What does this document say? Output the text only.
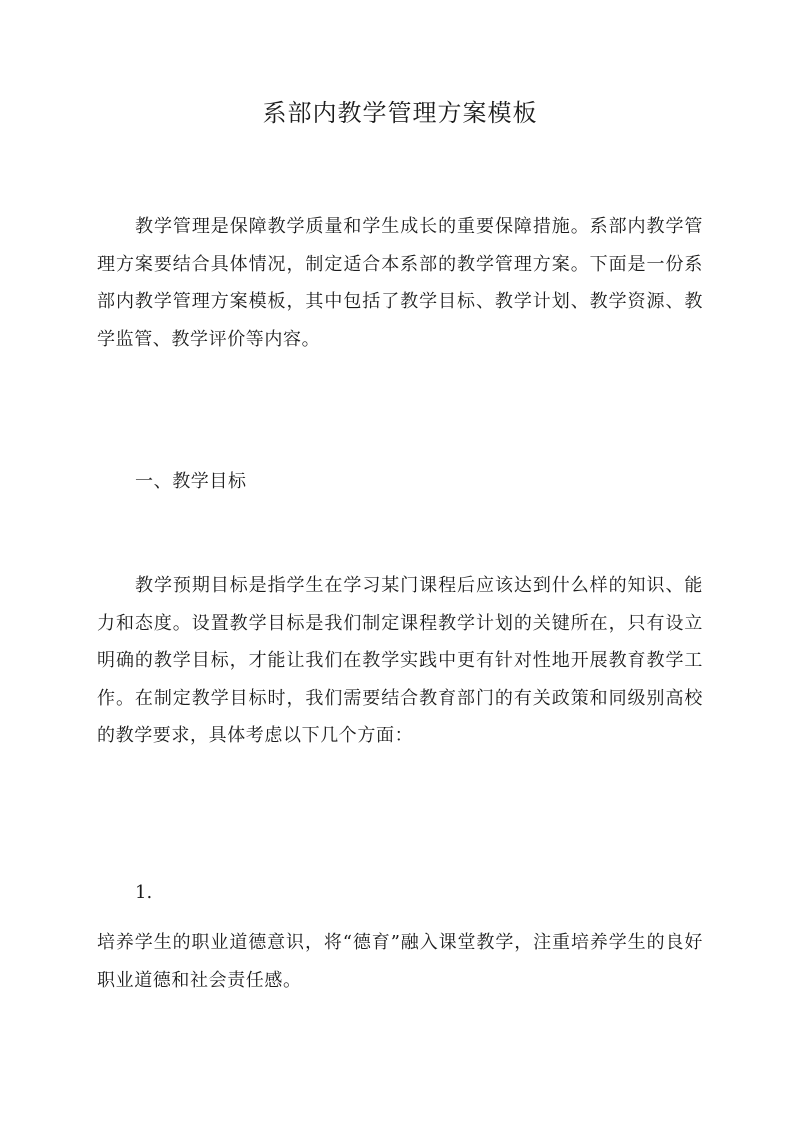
系部内教学管理方案模板

教学管理是保障教学质量和学生成长的重要保障措施。系部内教学管理方案要结合具体情况，制定适合本系部的教学管理方案。下面是一份系部内教学管理方案模板，其中包括了教学目标、教学计划、教学资源、教学监管、教学评价等内容。

一、教学目标

教学预期目标是指学生在学习某门课程后应该达到什么样的知识、能力和态度。设置教学目标是我们制定课程教学计划的关键所在，只有设立明确的教学目标，才能让我们在教学实践中更有针对性地开展教育教学工作。在制定教学目标时，我们需要结合教育部门的有关政策和同级别高校的教学要求，具体考虑以下几个方面：

1.

培养学生的职业道德意识，将“德育”融入课堂教学，注重培养学生的良好职业道德和社会责任感。
